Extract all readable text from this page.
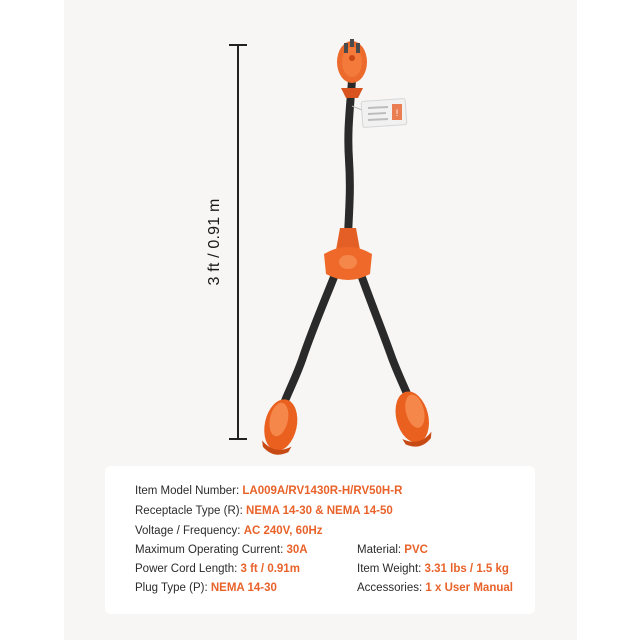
3 ft / 0.91 m
!
Item Model Number: LA009A/RV1430R-H/RV50H-R
Receptacle Type (R): NEMA 14-30 & NEMA 14-50
Voltage / Frequency: AC 240V, 60Hz
Maximum Operating Current: 30A
Power Cord Length: 3 ft / 0.91m
Plug Type (P): NEMA 14-30
Material: PVC
Item Weight: 3.31 lbs / 1.5 kg
Accessories: 1 x User Manual
